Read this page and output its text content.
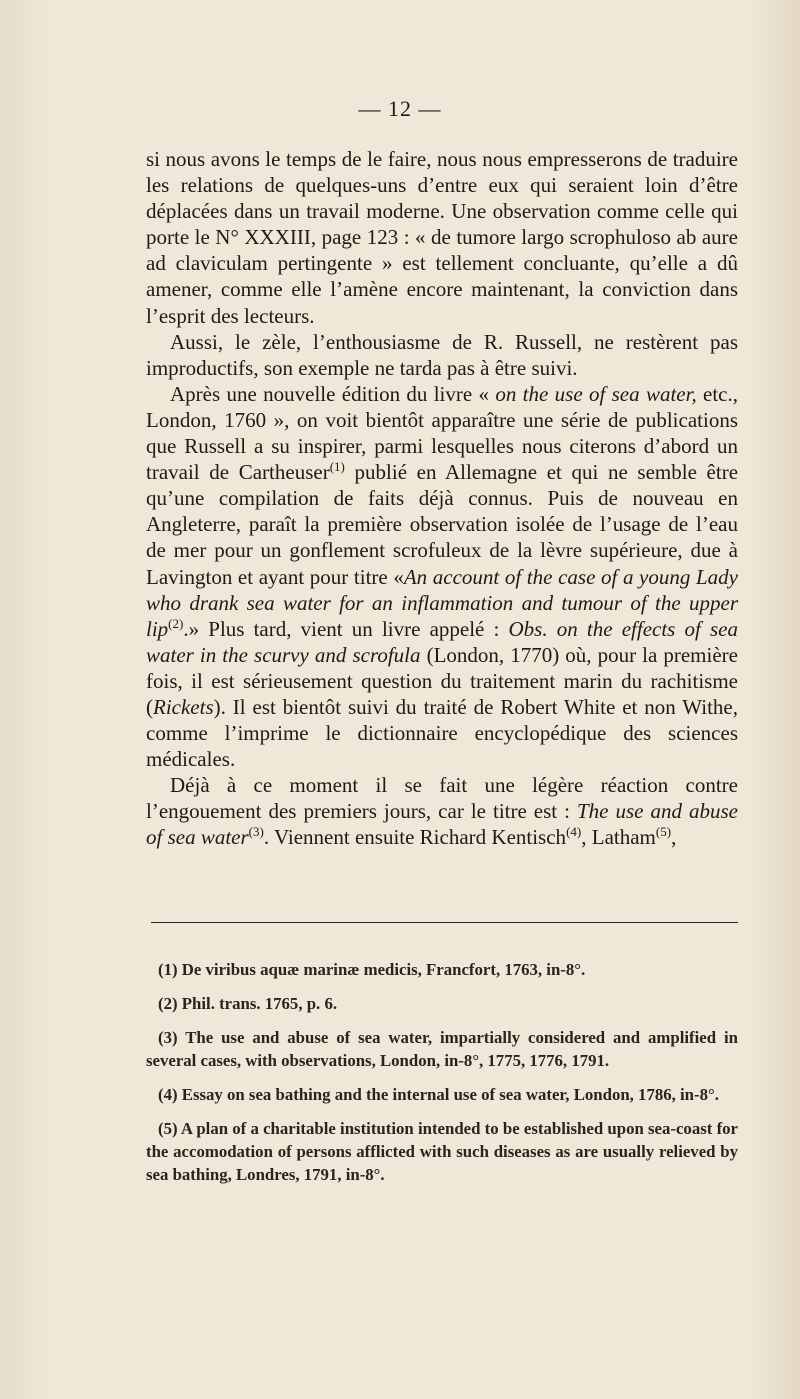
— 12 —

si nous avons le temps de le faire, nous nous empresserons de traduire les relations de quelques-uns d’entre eux qui seraient loin d’être déplacées dans un travail moderne. Une observation comme celle qui porte le N° XXXIII, page 123 : « de tumore largo scrophuloso ab aure ad claviculam pertingente » est tellement concluante, qu’elle a dû amener, comme elle l’amène encore maintenant, la conviction dans l’esprit des lecteurs.

Aussi, le zèle, l’enthousiasme de R. Russell, ne restèrent pas improductifs, son exemple ne tarda pas à être suivi.

Après une nouvelle édition du livre « on the use of sea water, etc., London, 1760 », on voit bientôt apparaître une série de publications que Russell a su inspirer, parmi lesquelles nous citerons d’abord un travail de Cartheuser$^{(1)}$ publié en Allemagne et qui ne semble être qu’une compilation de faits déjà connus. Puis de nouveau en Angleterre, paraît la première observation isolée de l’usage de l’eau de mer pour un gonflement scrofuleux de la lèvre supérieure, due à Lavington et ayant pour titre «An account of the case of a young Lady who drank sea water for an inflammation and tumour of the upper lip$^{(2)}$.» Plus tard, vient un livre appelé : Obs. on the effects of sea water in the scurvy and scrofula (London, 1770) où, pour la première fois, il est sérieusement question du traitement marin du rachitisme (Rickets). Il est bientôt suivi du traité de Robert White et non Withe, comme l’imprime le dictionnaire encyclopédique des sciences médicales.

Déjà à ce moment il se fait une légère réaction contre l’engouement des premiers jours, car le titre est : The use and abuse of sea water$^{(3)}$. Viennent ensuite Richard Kentisch$^{(4)}$, Latham$^{(5)}$,

(1) De viribus aquæ marinæ medicis, Francfort, 1763, in-8°.
(2) Phil. trans. 1765, p. 6.
(3) The use and abuse of sea water, impartially considered and amplified in several cases, with observations, London, in-8°, 1775, 1776, 1791.
(4) Essay on sea bathing and the internal use of sea water, London, 1786, in-8°.
(5) A plan of a charitable institution intended to be established upon sea-coast for the accomodation of persons afflicted with such diseases as are usually relieved by sea bathing, Londres, 1791, in-8°.
